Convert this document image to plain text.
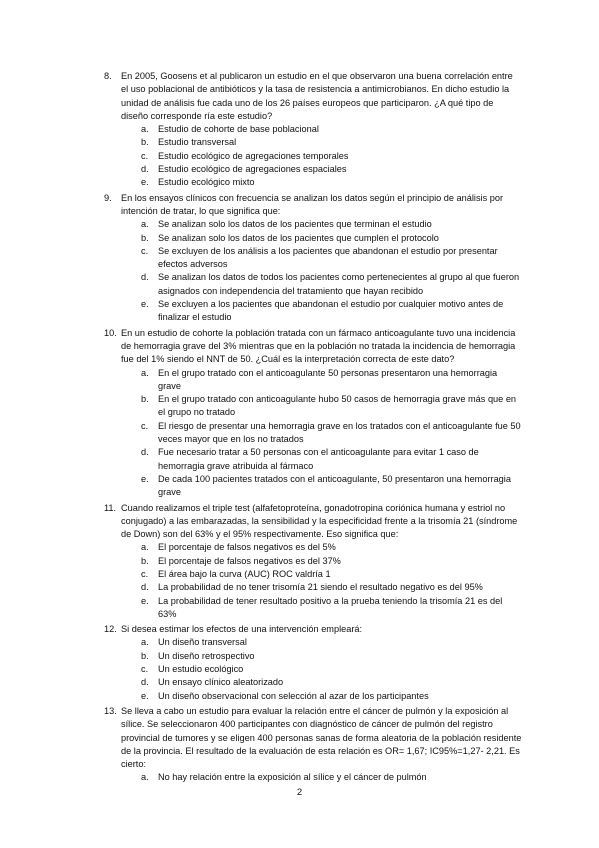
8. En 2005, Goosens et al publicaron un estudio en el que observaron una buena correlación entre el uso poblacional de antibióticos y la tasa de resistencia a antimicrobianos. En dicho estudio la unidad de análisis fue cada uno de los 26 países europeos que participaron. ¿A qué tipo de diseño corresponde ría este estudio?
a. Estudio de cohorte de base poblacional
b. Estudio transversal
c. Estudio ecológico de agregaciones temporales
d. Estudio ecológico de agregaciones espaciales
e. Estudio ecológico mixto
9. En los ensayos clínicos con frecuencia se analizan los datos según el principio de análisis por intención de tratar, lo que significa que:
a. Se analizan solo los datos de los pacientes que terminan el estudio
b. Se analizan solo los datos de los pacientes que cumplen el protocolo
c. Se excluyen de los análisis a los pacientes que abandonan el estudio por presentar efectos adversos
d. Se analizan los datos de todos los pacientes como pertenecientes al grupo al que fueron asignados con independencia del tratamiento que hayan recibido
e. Se excluyen a los pacientes que abandonan el estudio por cualquier motivo antes de finalizar el estudio
10. En un estudio de cohorte la población tratada con un fármaco anticoagulante tuvo una incidencia de hemorragia grave del 3% mientras que en la población no tratada la incidencia de hemorragia fue del 1% siendo el NNT de 50. ¿Cuál es la interpretación correcta de este dato?
a. En el grupo tratado con el anticoagulante 50 personas presentaron una hemorragia grave
b. En el grupo tratado con anticoagulante hubo 50 casos de hemorragia grave más que en el grupo no tratado
c. El riesgo de presentar una hemorragia grave en los tratados con el anticoagulante fue 50 veces mayor que en los no tratados
d. Fue necesario tratar a 50 personas con el anticoagulante para evitar 1 caso de hemorragia grave atribuida al fármaco
e. De cada 100 pacientes tratados con el anticoagulante, 50 presentaron una hemorragia grave
11. Cuando realizamos el triple test (alfafetoproteína, gonadotropina coriónica humana y estriol no conjugado) a las embarazadas, la sensibilidad y la especificidad frente a la trisomía 21 (síndrome de Down) son del 63% y el 95% respectivamente. Eso significa que:
a. El porcentaje de falsos negativos es del 5%
b. El porcentaje de falsos negativos es del 37%
c. El área bajo la curva (AUC) ROC valdría 1
d. La probabilidad de no tener trisomía 21 siendo el resultado negativo es del 95%
e. La probabilidad de tener resultado positivo a la prueba teniendo la trisomía 21 es del 63%
12. Si desea estimar los efectos de una intervención empleará:
a. Un diseño transversal
b. Un diseño retrospectivo
c. Un estudio ecológico
d. Un ensayo clínico aleatorizado
e. Un diseño observacional con selección al azar de los participantes
13. Se lleva a cabo un estudio para evaluar la relación entre el cáncer de pulmón y la exposición al sílice. Se seleccionaron 400 participantes con diagnóstico de cáncer de pulmón del registro provincial de tumores y se eligen 400 personas sanas de forma aleatoria de la población residente de la provincia. El resultado de la evaluación de esta relación es OR= 1,67; IC95%=1,27- 2,21. Es cierto:
a. No hay relación entre la exposición al sílice y el cáncer de pulmón
2
